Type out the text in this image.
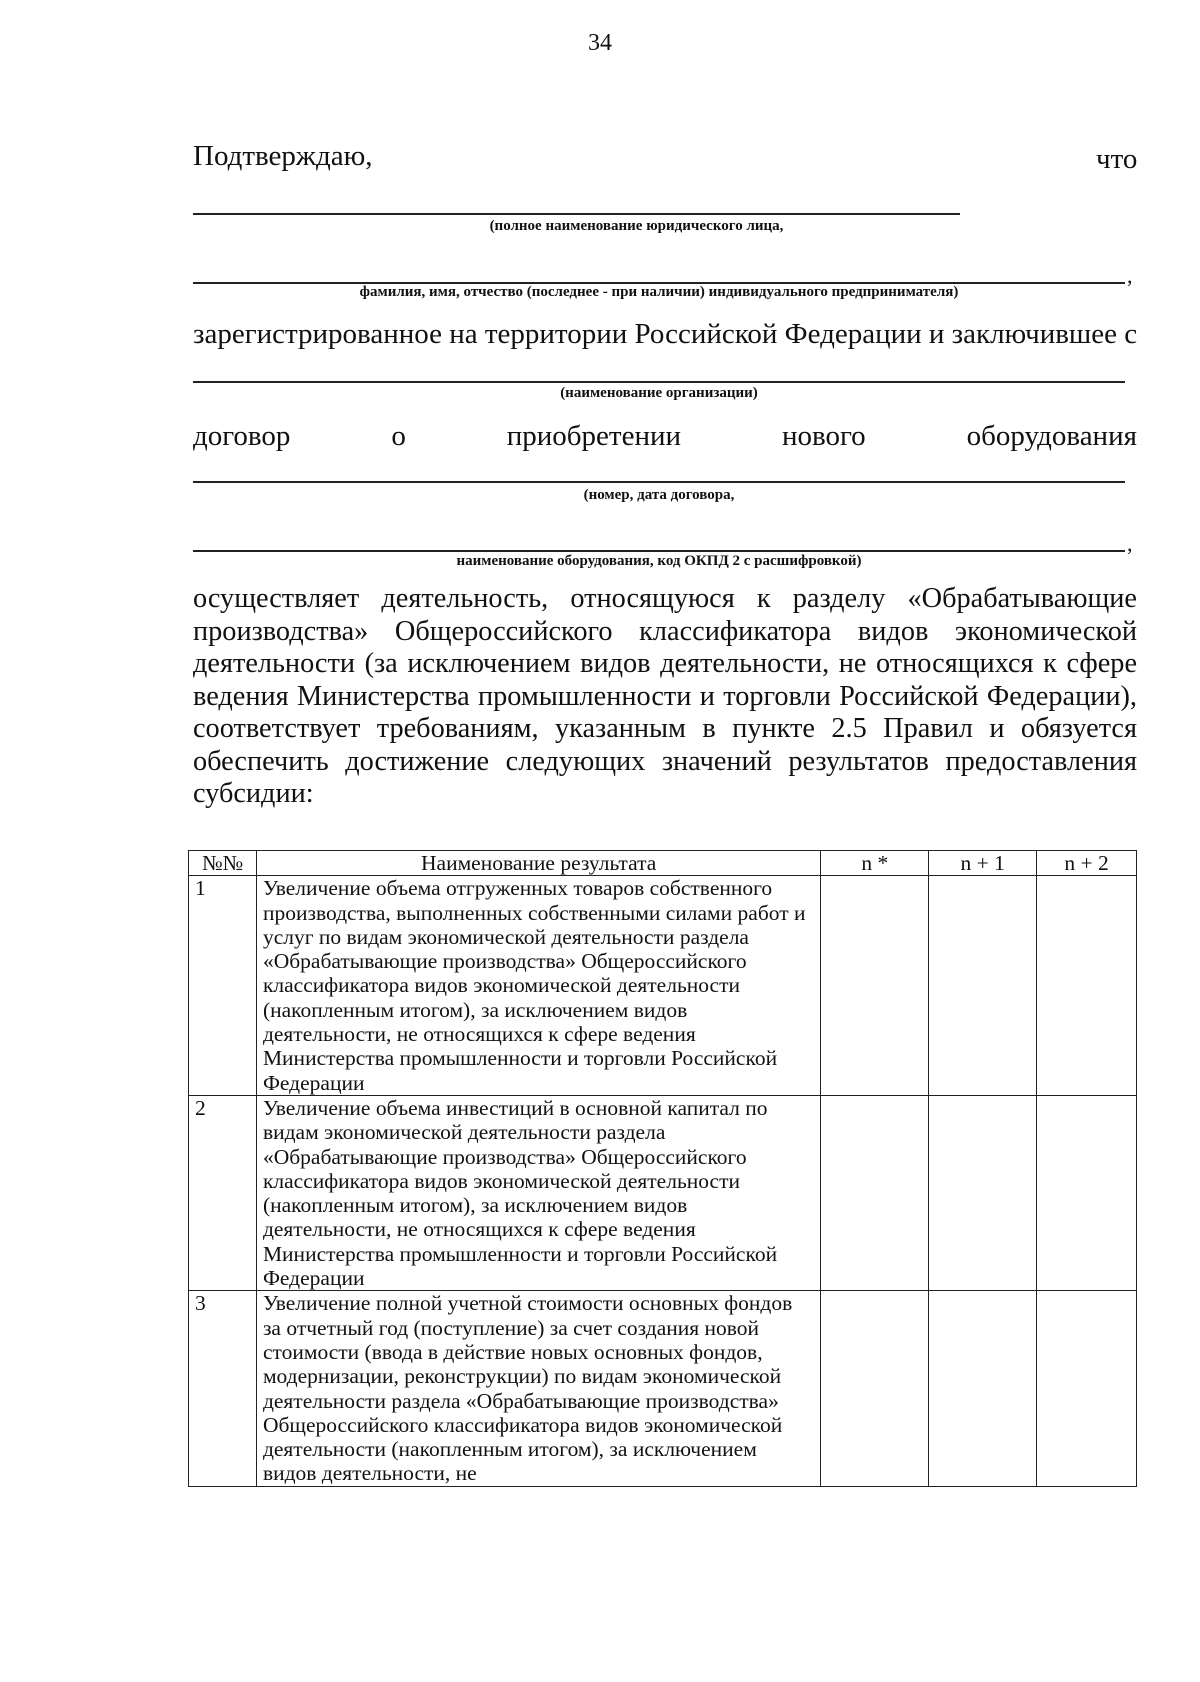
34
Подтверждаю,	что
(полное наименование юридического лица,
,
фамилия, имя, отчество (последнее - при наличии) индивидуального предпринимателя)
зарегистрированное на территории Российской Федерации и заключившее с
(наименование организации)
договор	о	приобретении	нового	оборудования
(номер, дата договора,
,
наименование оборудования, код ОКПД 2 с расшифровкой)
осуществляет деятельность, относящуюся к разделу «Обрабатывающие производства» Общероссийского классификатора видов экономической деятельности (за исключением видов деятельности, не относящихся к сфере ведения Министерства промышленности и торговли Российской Федерации), соответствует требованиям, указанным в пункте 2.5 Правил и обязуется обеспечить достижение следующих значений результатов предоставления субсидии:
№№	Наименование результата	n *	n + 1	n + 2
1	Увеличение объема отгруженных товаров собственного производства, выполненных собственными силами работ и услуг по видам экономической деятельности раздела «Обрабатывающие производства» Общероссийского классификатора видов экономической деятельности (накопленным итогом), за исключением видов деятельности, не относящихся к сфере ведения Министерства промышленности и торговли Российской Федерации			
2	Увеличение объема инвестиций в основной капитал по видам экономической деятельности раздела «Обрабатывающие производства» Общероссийского классификатора видов экономической деятельности (накопленным итогом), за исключением видов деятельности, не относящихся к сфере ведения Министерства промышленности и торговли Российской Федерации			
3	Увеличение полной учетной стоимости основных фондов за отчетный год (поступление) за счет создания новой стоимости (ввода в действие новых основных фондов, модернизации, реконструкции) по видам экономической деятельности раздела «Обрабатывающие производства» Общероссийского классификатора видов экономической деятельности (накопленным итогом), за исключением видов деятельности, не			
